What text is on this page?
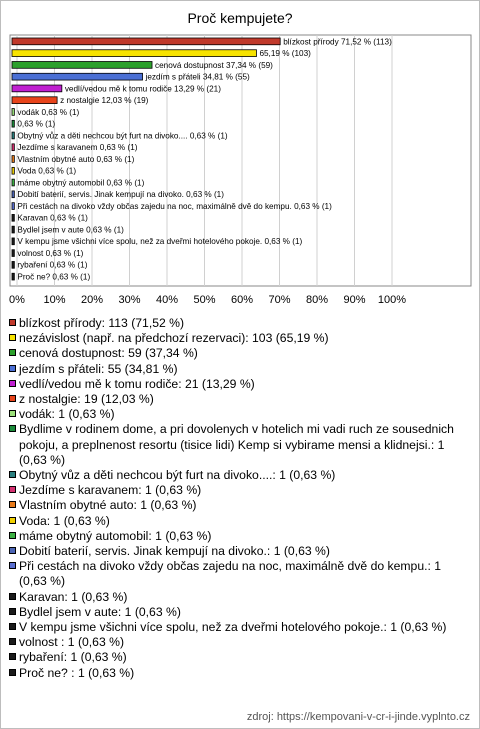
Proč kempujete?
0% 10% 20% 30% 40% 50% 60% 70% 80% 90% 100%
blízkost přírody 71,52 % (113)
65,19 % (103)
cenová dostupnost 37,34 % (59)
jezdím s přáteli 34,81 % (55)
vedlí/vedou mě k tomu rodiče 13,29 % (21)
z nostalgie 12,03 % (19)
vodák 0,63 % (1)
0,63 % (1)
Obytný vůz a děti nechcou být furt na divoko.... 0,63 % (1)
Jezdíme s karavanem 0,63 % (1)
Vlastním obytné auto 0,63 % (1)
Voda 0,63 % (1)
máme obytný automobil 0,63 % (1)
Dobití baterií, servis. Jinak kempují na divoko. 0,63 % (1)
Při cestách na divoko vždy občas zajedu na noc, maximálně dvě do kempu. 0,63 % (1)
Karavan 0,63 % (1)
Bydlel jsem v aute 0,63 % (1)
V kempu jsme všichni více spolu, než za dveřmi hotelového pokoje. 0,63 % (1)
volnost 0,63 % (1)
rybaření 0,63 % (1)
Proč ne? 0,63 % (1)
blízkost přírody: 113 (71,52 %)
nezávislost (např. na předchozí rezervaci): 103 (65,19 %)
cenová dostupnost: 59 (37,34 %)
jezdím s přáteli: 55 (34,81 %)
vedlí/vedou mě k tomu rodiče: 21 (13,29 %)
z nostalgie: 19 (12,03 %)
vodák: 1 (0,63 %)
Bydlime v rodinem dome, a pri dovolenych v hotelich mi vadi ruch ze sousednich pokoju, a preplnenost resortu (tisice lidi) Kemp si vybirame mensi a klidnejsi.: 1 (0,63 %)
Obytný vůz a děti nechcou být furt na divoko....: 1 (0,63 %)
Jezdíme s karavanem: 1 (0,63 %)
Vlastním obytné auto: 1 (0,63 %)
Voda: 1 (0,63 %)
máme obytný automobil: 1 (0,63 %)
Dobití baterií, servis. Jinak kempují na divoko.: 1 (0,63 %)
Při cestách na divoko vždy občas zajedu na noc, maximálně dvě do kempu.: 1 (0,63 %)
Karavan: 1 (0,63 %)
Bydlel jsem v aute: 1 (0,63 %)
V kempu jsme všichni více spolu, než za dveřmi hotelového pokoje.: 1 (0,63 %)
volnost : 1 (0,63 %)
rybaření: 1 (0,63 %)
Proč ne? : 1 (0,63 %)
zdroj: https://kempovani-v-cr-i-jinde.vyplnto.cz
